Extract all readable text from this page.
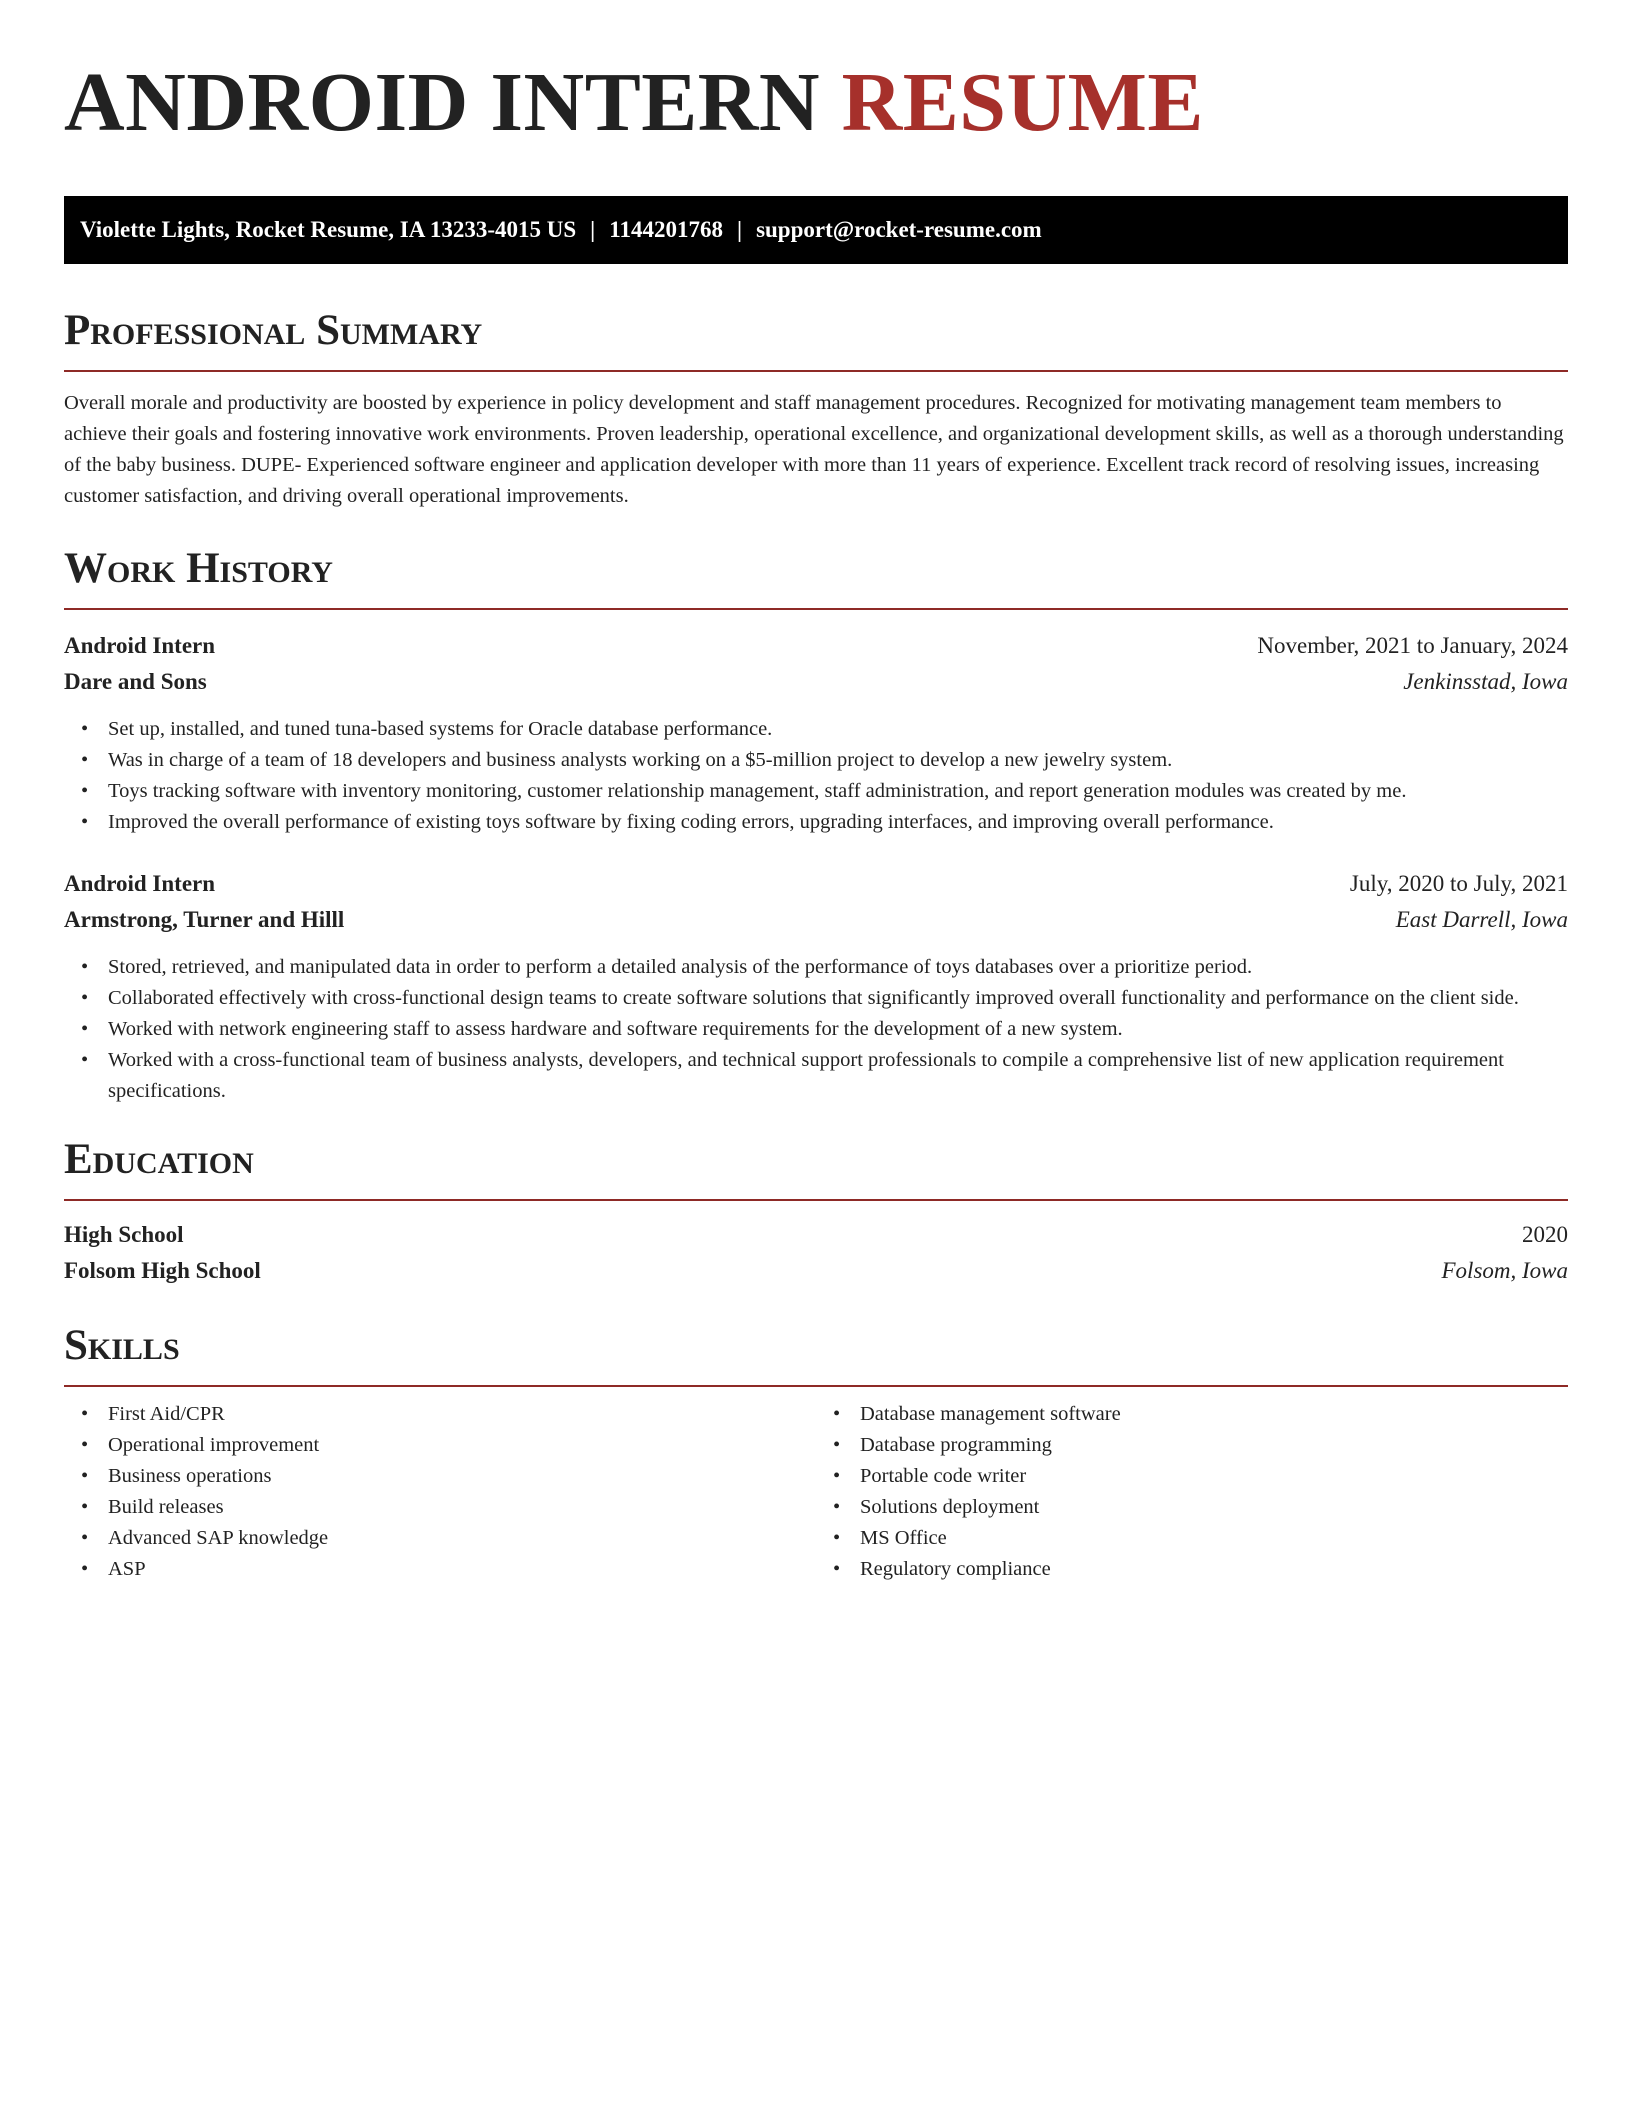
ANDROID INTERN RESUME
Violette Lights, Rocket Resume, IA 13233-4015 US | 1144201768 | support@rocket-resume.com
Professional Summary

Overall morale and productivity are boosted by experience in policy development and staff management procedures. Recognized for motivating management team members to achieve their goals and fostering innovative work environments. Proven leadership, operational excellence, and organizational development skills, as well as a thorough understanding of the baby business. DUPE- Experienced software engineer and application developer with more than 11 years of experience. Excellent track record of resolving issues, increasing customer satisfaction, and driving overall operational improvements.

Work History
Android Intern	November, 2021 to January, 2024
Dare and Sons	Jenkinsstad, Iowa
• Set up, installed, and tuned tuna-based systems for Oracle database performance.
• Was in charge of a team of 18 developers and business analysts working on a $5-million project to develop a new jewelry system.
• Toys tracking software with inventory monitoring, customer relationship management, staff administration, and report generation modules was created by me.
• Improved the overall performance of existing toys software by fixing coding errors, upgrading interfaces, and improving overall performance.
Android Intern	July, 2020 to July, 2021
Armstrong, Turner and Hilll	East Darrell, Iowa
• Stored, retrieved, and manipulated data in order to perform a detailed analysis of the performance of toys databases over a prioritize period.
• Collaborated effectively with cross-functional design teams to create software solutions that significantly improved overall functionality and performance on the client side.
• Worked with network engineering staff to assess hardware and software requirements for the development of a new system.
• Worked with a cross-functional team of business analysts, developers, and technical support professionals to compile a comprehensive list of new application requirement specifications.
Education
High School	2020
Folsom High School	Folsom, Iowa
Skills
• First Aid/CPR
• Operational improvement
• Business operations
• Build releases
• Advanced SAP knowledge
• ASP
• Database management software
• Database programming
• Portable code writer
• Solutions deployment
• MS Office
• Regulatory compliance
